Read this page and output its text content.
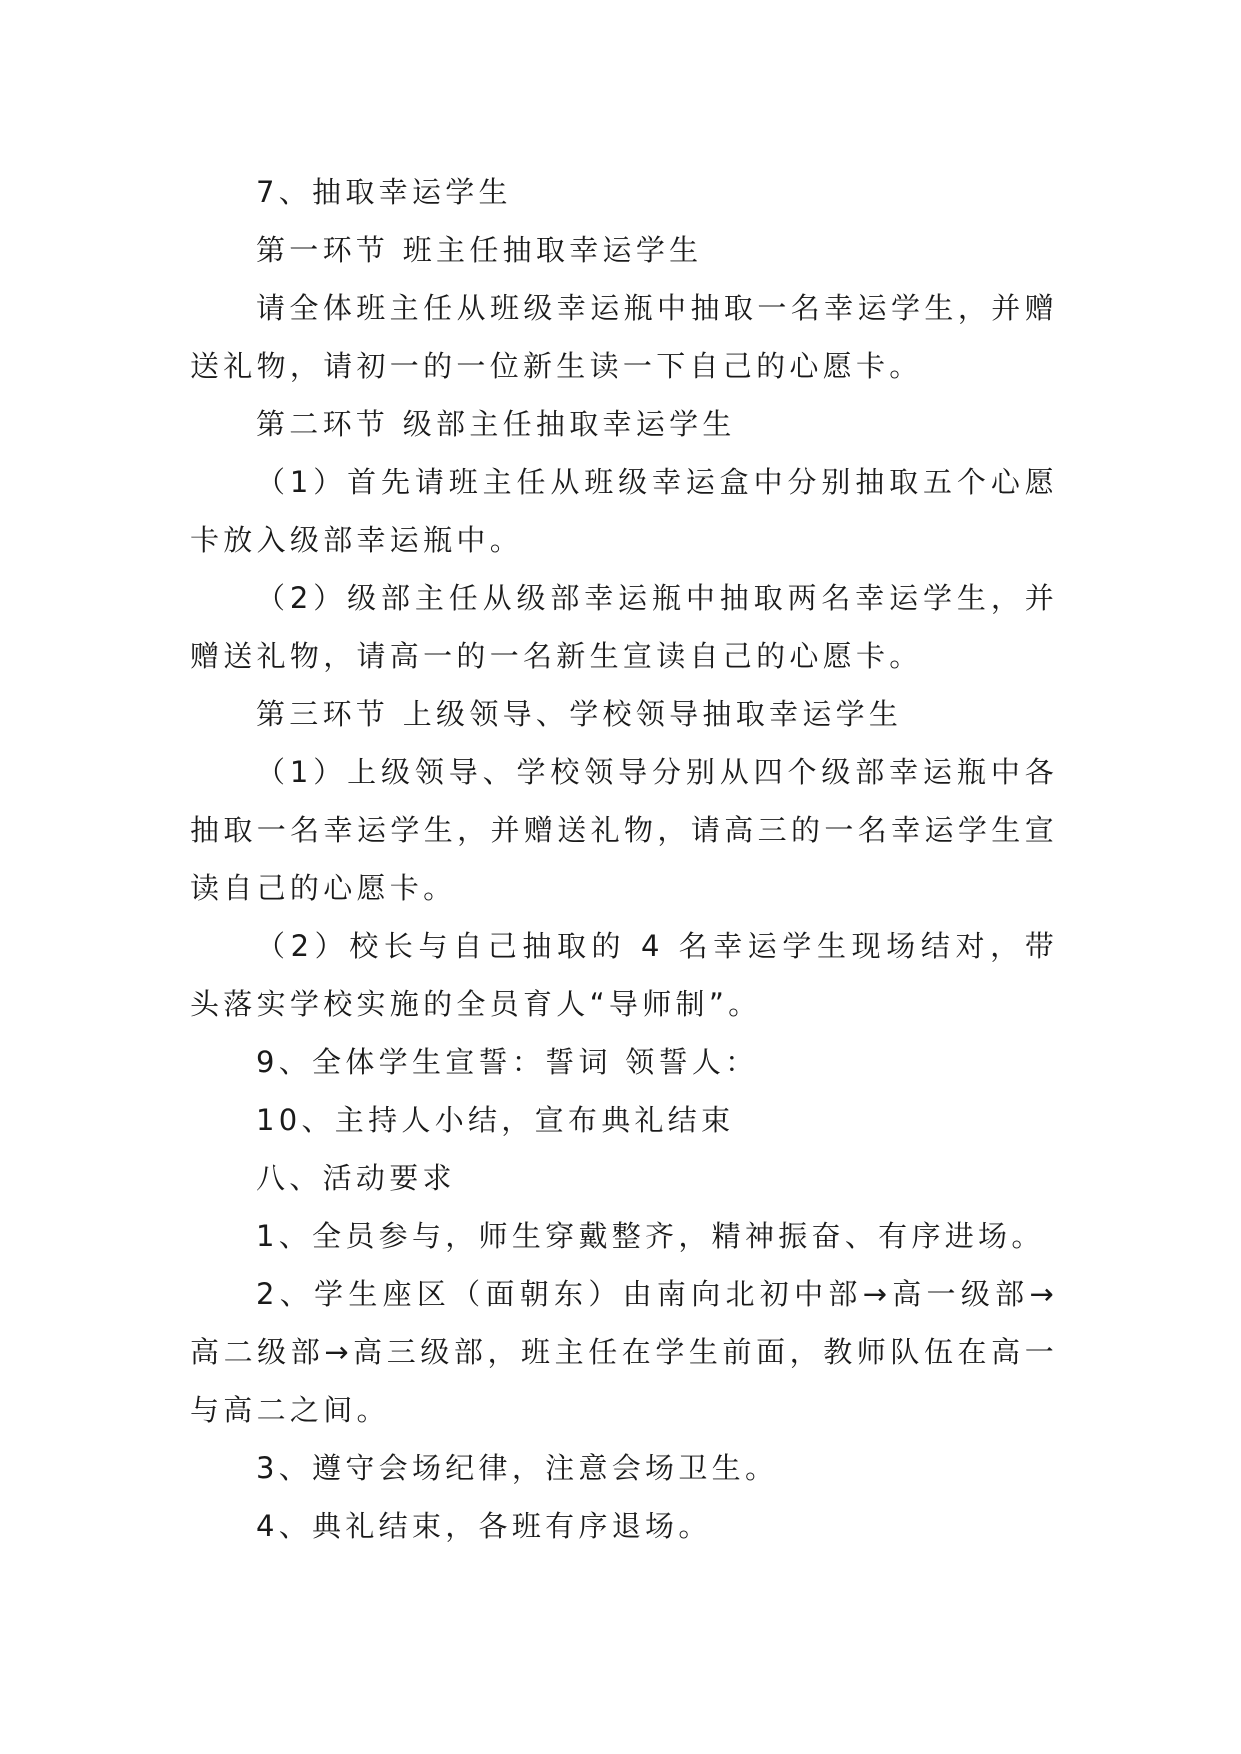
7、抽取幸运学生

第一环节 班主任抽取幸运学生

请全体班主任从班级幸运瓶中抽取一名幸运学生，并赠送礼物，请初一的一位新生读一下自己的心愿卡。

第二环节 级部主任抽取幸运学生

（1）首先请班主任从班级幸运盒中分别抽取五个心愿卡放入级部幸运瓶中。

（2）级部主任从级部幸运瓶中抽取两名幸运学生，并赠送礼物，请高一的一名新生宣读自己的心愿卡。

第三环节 上级领导、学校领导抽取幸运学生

（1）上级领导、学校领导分别从四个级部幸运瓶中各抽取一名幸运学生，并赠送礼物，请高三的一名幸运学生宣读自己的心愿卡。

（2）校长与自己抽取的 4 名幸运学生现场结对，带头落实学校实施的全员育人“导师制”。

9、全体学生宣誓：誓词 领誓人：

10、主持人小结，宣布典礼结束

八、活动要求

1、全员参与，师生穿戴整齐，精神振奋、有序进场。

2、学生座区（面朝东）由南向北初中部→高一级部→高二级部→高三级部，班主任在学生前面，教师队伍在高一与高二之间。

3、遵守会场纪律，注意会场卫生。

4、典礼结束，各班有序退场。
